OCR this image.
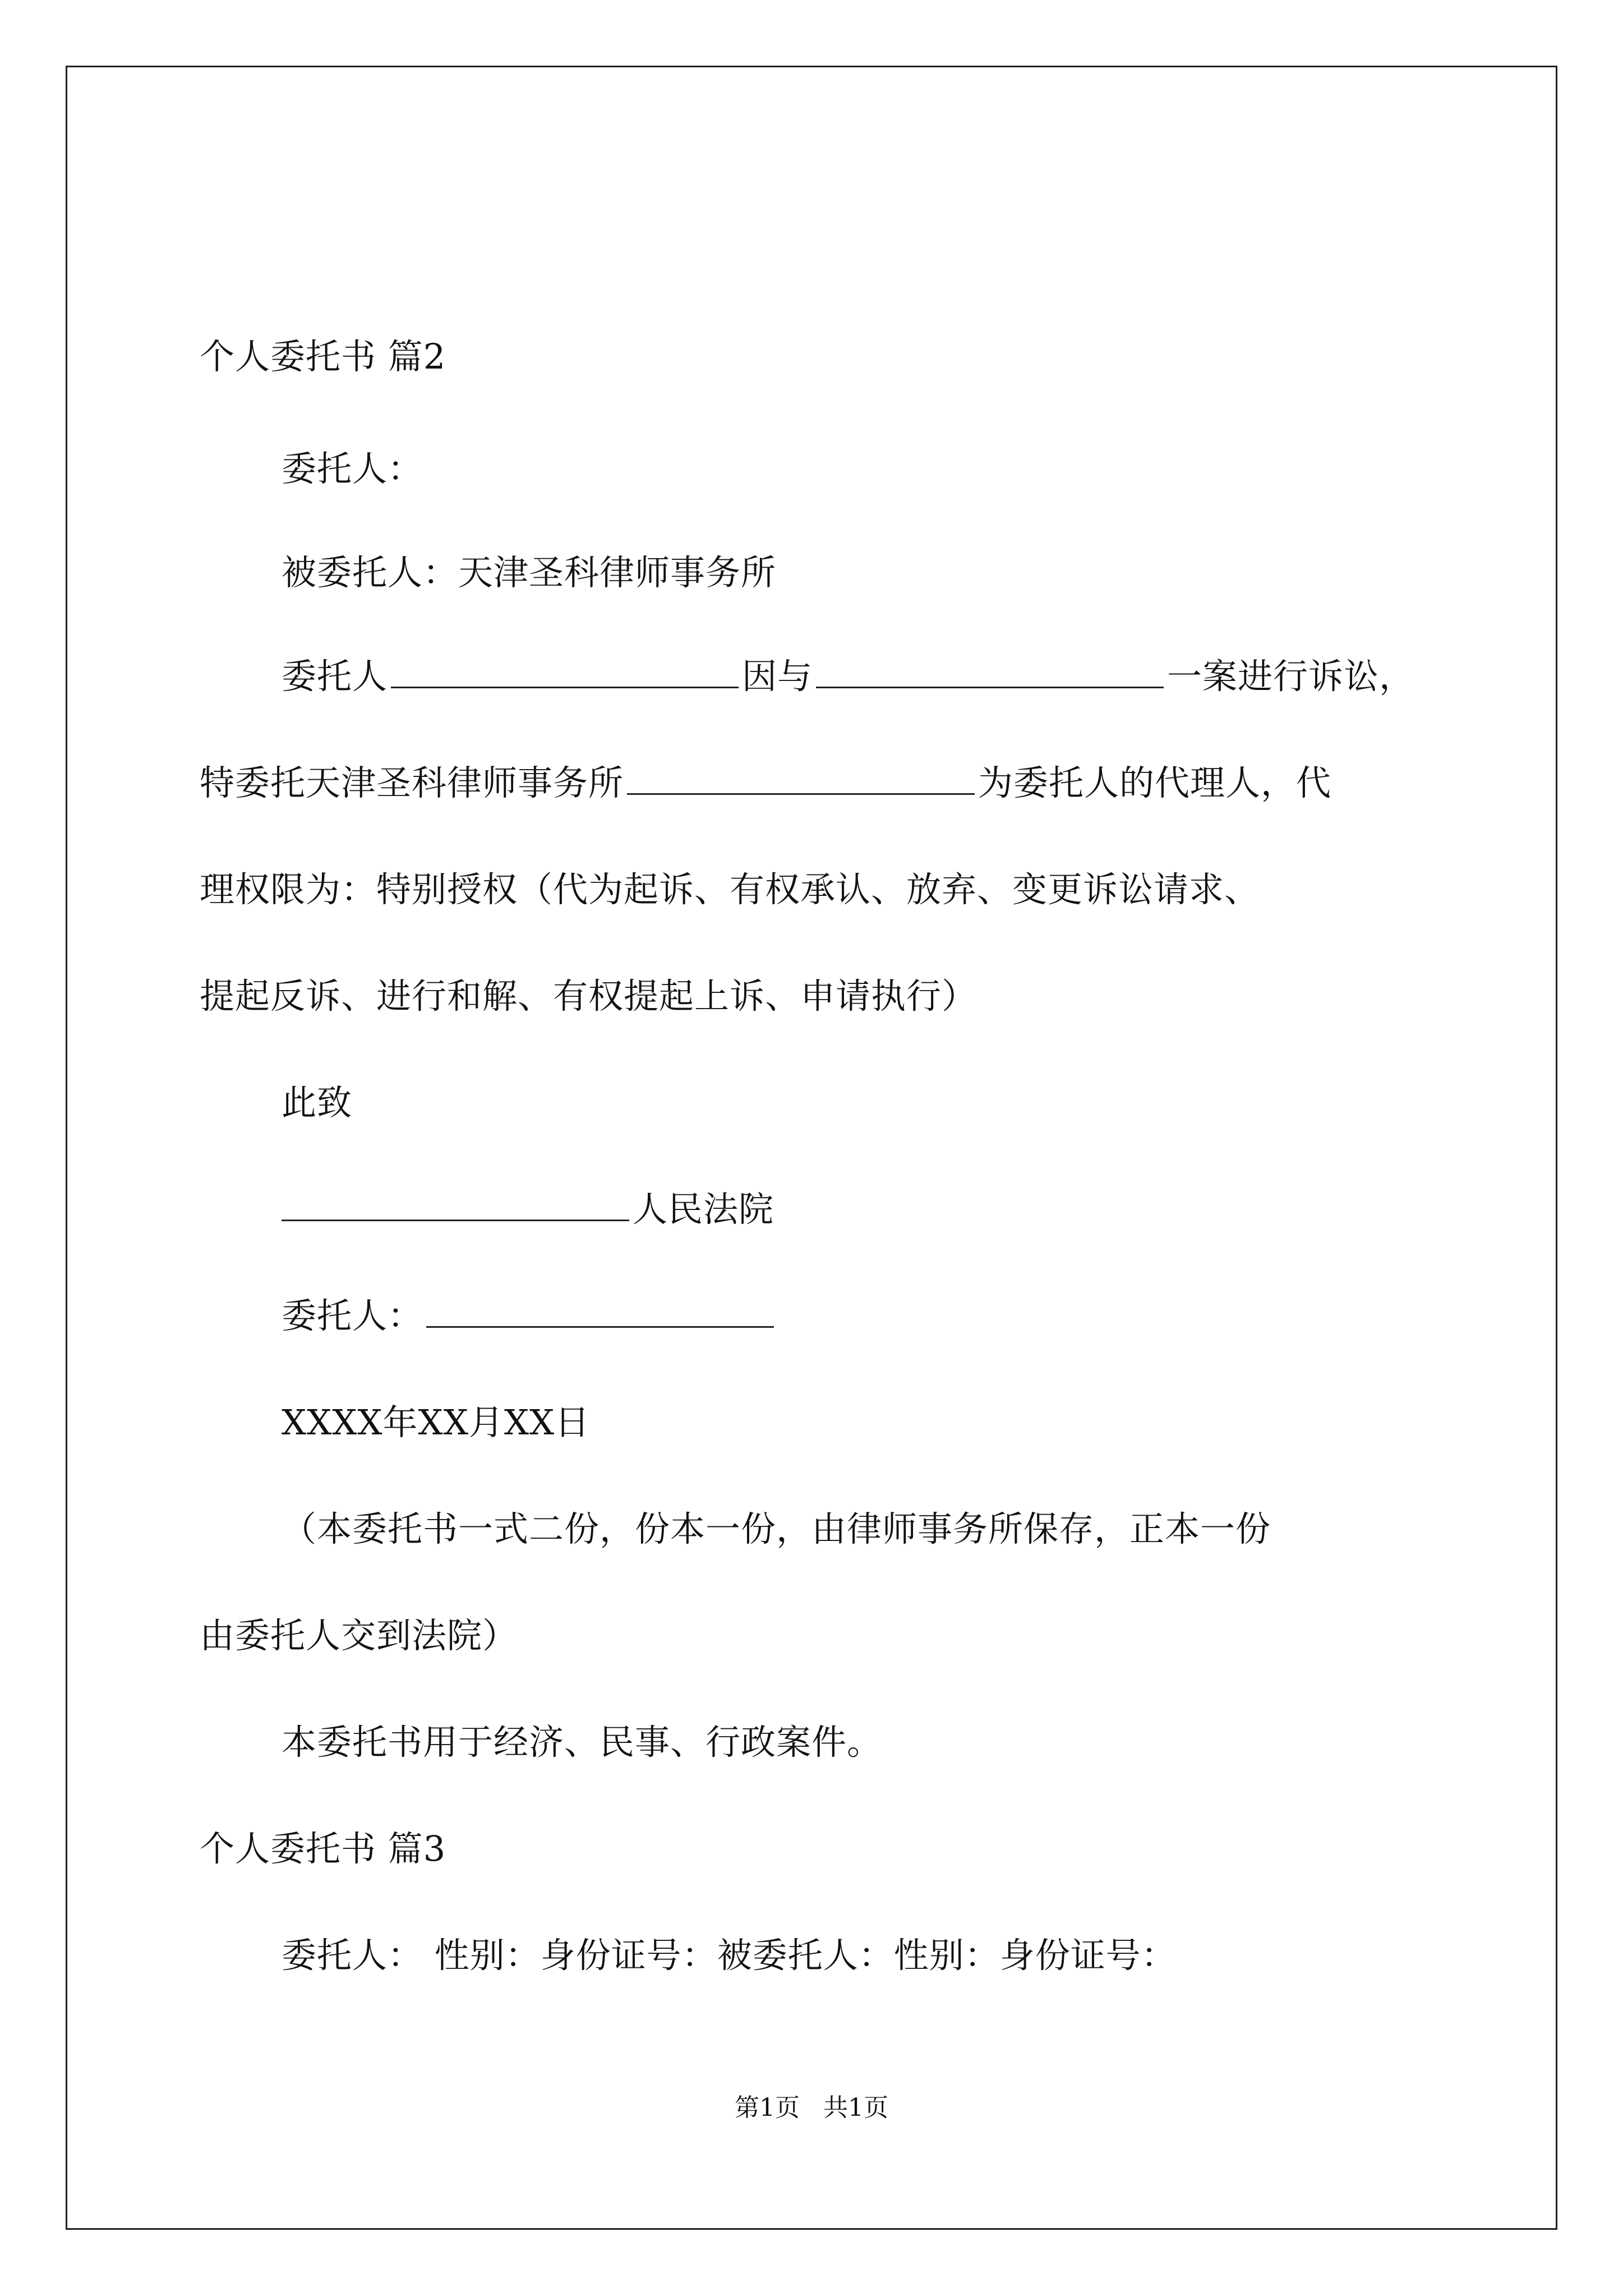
个人委托书 篇2
委托人：
被委托人：天津圣科律师事务所
委托人	因与	一案进行诉讼，
特委托天津圣科律师事务所	为委托人的代理人，代
理权限为：特别授权（代为起诉、有权承认、放弃、变更诉讼请求、
提起反诉、进行和解、有权提起上诉、申请执行）
此致
人民法院
委托人：
XXXX年XX月XX日
（本委托书一式二份，份本一份，由律师事务所保存，正本一份
由委托人交到法院）
本委托书用于经济、民事、行政案件。
个人委托书 篇3
委托人： 性别：身份证号：被委托人：性别：身份证号：
第1页   共1页
